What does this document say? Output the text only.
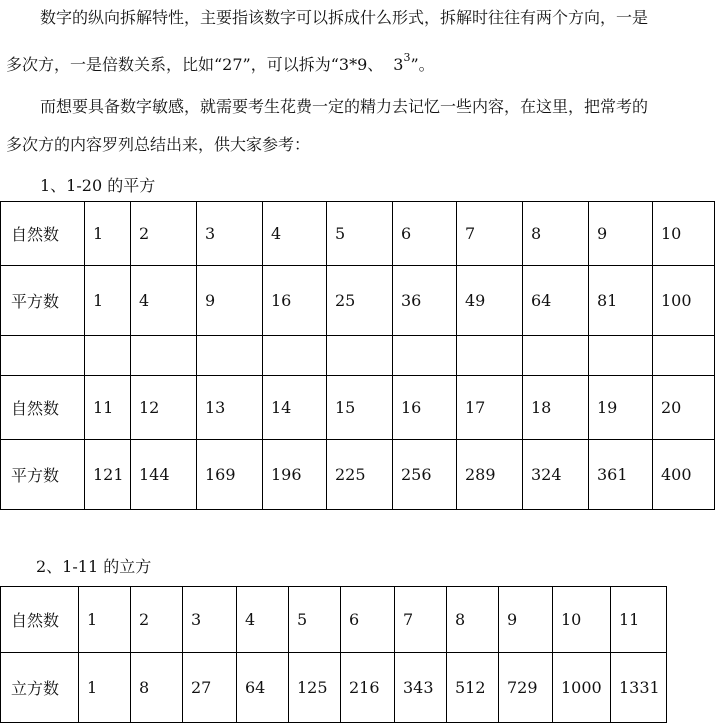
数字的纵向拆解特性，主要指该数字可以拆成什么形式，拆解时往往有两个方向，一是
多次方，一是倍数关系，比如“27”，可以拆为“3*9、 $3^3$”。
而想要具备数字敏感，就需要考生花费一定的精力去记忆一些内容，在这里，把常考的
多次方的内容罗列总结出来，供大家参考：
1、1-20 的平方
自然数	1	2	3	4	5	6	7	8	9	10
平方数	1	4	9	16	25	36	49	64	81	100

自然数	11	12	13	14	15	16	17	18	19	20
平方数	121	144	169	196	225	256	289	324	361	400
2、1-11 的立方
自然数	1	2	3	4	5	6	7	8	9	10	11
立方数	1	8	27	64	125	216	343	512	729	1000	1331
